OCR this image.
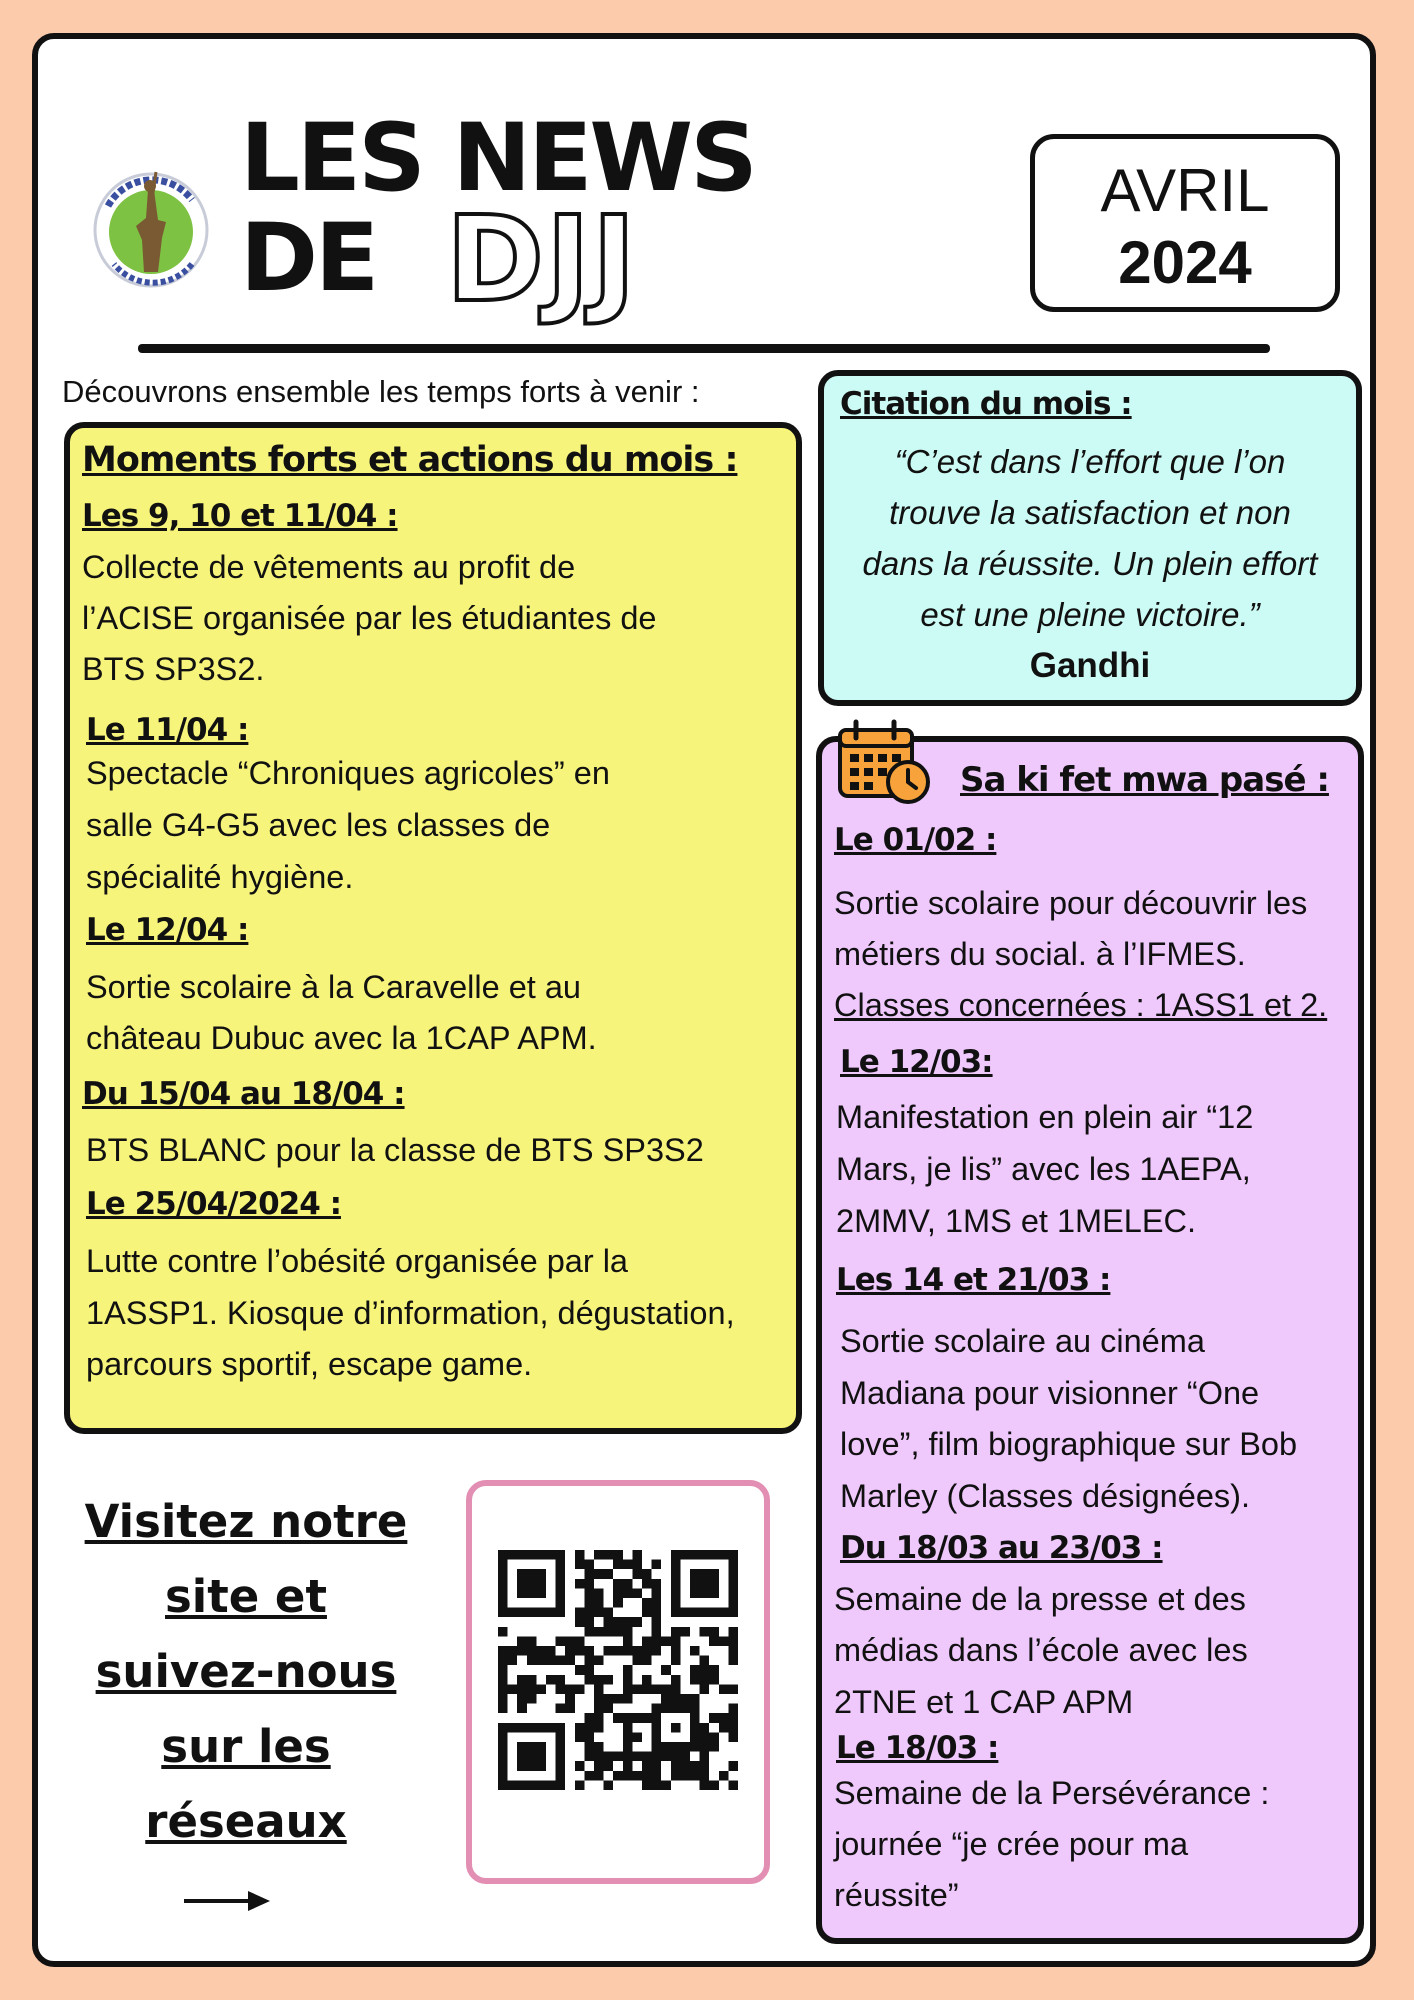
LES NEWS
DE DJJ	AVRIL
2024
Découvrons ensemble les temps forts à venir :
Moments forts et actions du mois :
Les 9, 10 et 11/04 :
Collecte de vêtements au profit de
l’ACISE organisée par les étudiantes de
BTS SP3S2.
Le 11/04 :
Spectacle “Chroniques agricoles” en
salle G4-G5 avec les classes de
spécialité hygiène.
Le 12/04 :
Sortie scolaire à la Caravelle et au
château Dubuc avec la 1CAP APM.
Du 15/04 au 18/04 :
BTS BLANC pour la classe de BTS SP3S2
Le 25/04/2024 :
Lutte contre l’obésité organisée par la
1ASSP1. Kiosque d’information, dégustation,
parcours sportif, escape game.
Citation du mois :
“C’est dans l’effort que l’on
trouve la satisfaction et non
dans la réussite. Un plein effort
est une pleine victoire.”
Gandhi
Sa ki fet mwa pasé :
Le 01/02 :
Sortie scolaire pour découvrir les
métiers du social. à l’IFMES.
Classes concernées : 1ASS1 et 2.
Le 12/03:
Manifestation en plein air “12
Mars, je lis” avec les 1AEPA,
2MMV, 1MS et 1MELEC.
Les 14 et 21/03 :
Sortie scolaire au cinéma
Madiana pour visionner “One
love”, film biographique sur Bob
Marley (Classes désignées).
Du 18/03 au 23/03 :
Semaine de la presse et des
médias dans l’école avec les
2TNE et 1 CAP APM
Le 18/03 :
Semaine de la Persévérance :
journée “je crée pour ma
réussite”
Visitez notre
site et
suivez-nous
sur les
réseaux
